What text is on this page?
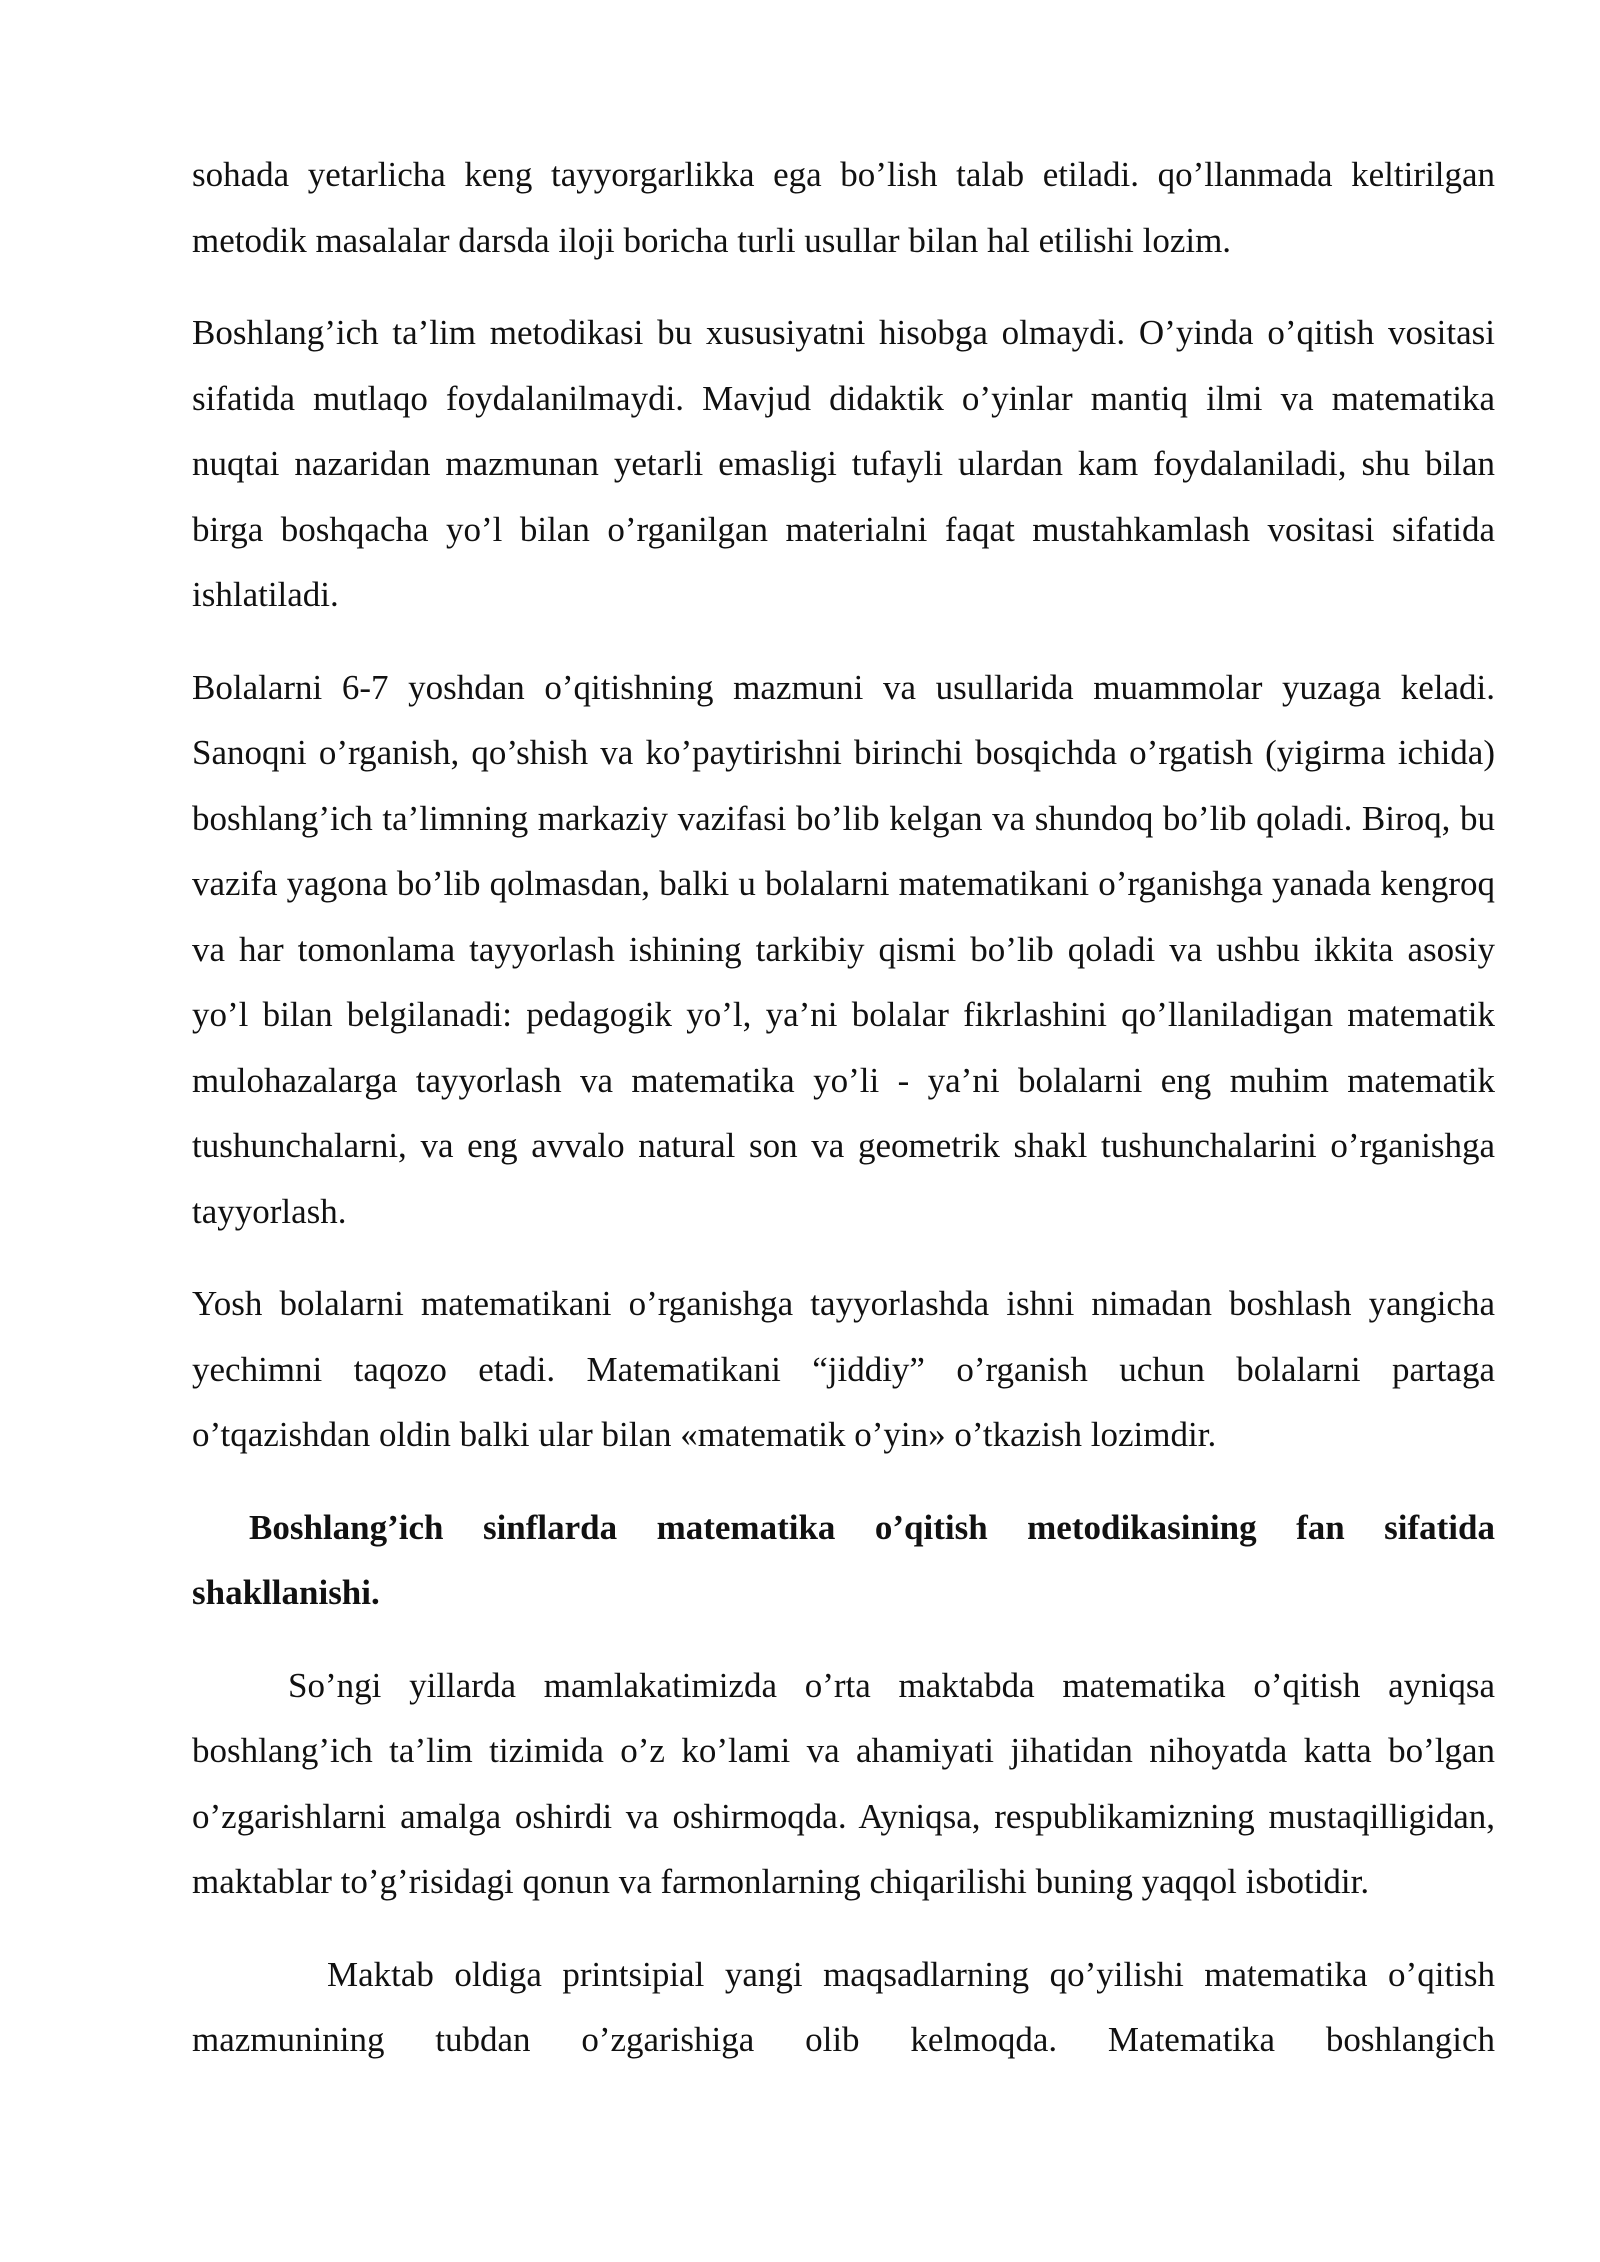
sohada yetarlicha keng tayyorgarlikka ega bo’lish talab etiladi. qo’llanmada keltirilgan metodik masalalar darsda iloji boricha turli usullar bilan hal etilishi lozim.

Boshlang’ich ta’lim metodikasi bu xususiyatni hisobga olmaydi. O’yinda o’qitish vositasi sifatida mutlaqo foydalanilmaydi. Mavjud didaktik o’yinlar mantiq ilmi va matematika nuqtai nazaridan mazmunan yetarli emasligi tufayli ulardan kam foydalaniladi, shu bilan birga boshqacha yo’l bilan o’rganilgan materialni faqat mustahkamlash vositasi sifatida ishlatiladi.

Bolalarni 6-7 yoshdan o’qitishning mazmuni va usullarida muammolar yuzaga keladi. Sanoqni o’rganish, qo’shish va ko’paytirishni birinchi bosqichda o’rgatish (yigirma ichida) boshlang’ich ta’limning markaziy vazifasi bo’lib kelgan va shundoq bo’lib qoladi. Biroq, bu vazifa yagona bo’lib qolmasdan, balki u bolalarni matematikani o’rganishga yanada kengroq va har tomonlama tayyorlash ishining tarkibiy qismi bo’lib qoladi va ushbu ikkita asosiy yo’l bilan belgilanadi: pedagogik yo’l, ya’ni bolalar fikrlashini qo’llaniladigan matematik mulohazalarga tayyorlash va matematika yo’li - ya’ni bolalarni eng muhim matematik tushunchalarni, va eng avvalo natural son va geometrik shakl tushunchalarini o’rganishga tayyorlash.

Yosh bolalarni matematikani o’rganishga tayyorlashda ishni nimadan boshlash yangicha yechimni taqozo etadi. Matematikani “jiddiy” o’rganish uchun bolalarni partaga o’tqazishdan oldin balki ular bilan «matematik o’yin» o’tkazish lozimdir.

Boshlang’ich sinflarda matematika o’qitish metodikasining fan sifatida shakllanishi.

So’ngi yillarda mamlakatimizda o’rta maktabda matematika o’qitish ayniqsa boshlang’ich ta’lim tizimida o’z ko’lami va ahamiyati jihatidan nihoyatda katta bo’lgan o’zgarishlarni amalga oshirdi va oshirmoqda. Ayniqsa, respublikamizning mustaqilligidan, maktablar to’g’risidagi qonun va farmonlarning chiqarilishi buning yaqqol isbotidir.

Maktab oldiga printsipial yangi maqsadlarning qo’yilishi matematika o’qitish mazmunining tubdan o’zgarishiga olib kelmoqda. Matematika boshlangich
